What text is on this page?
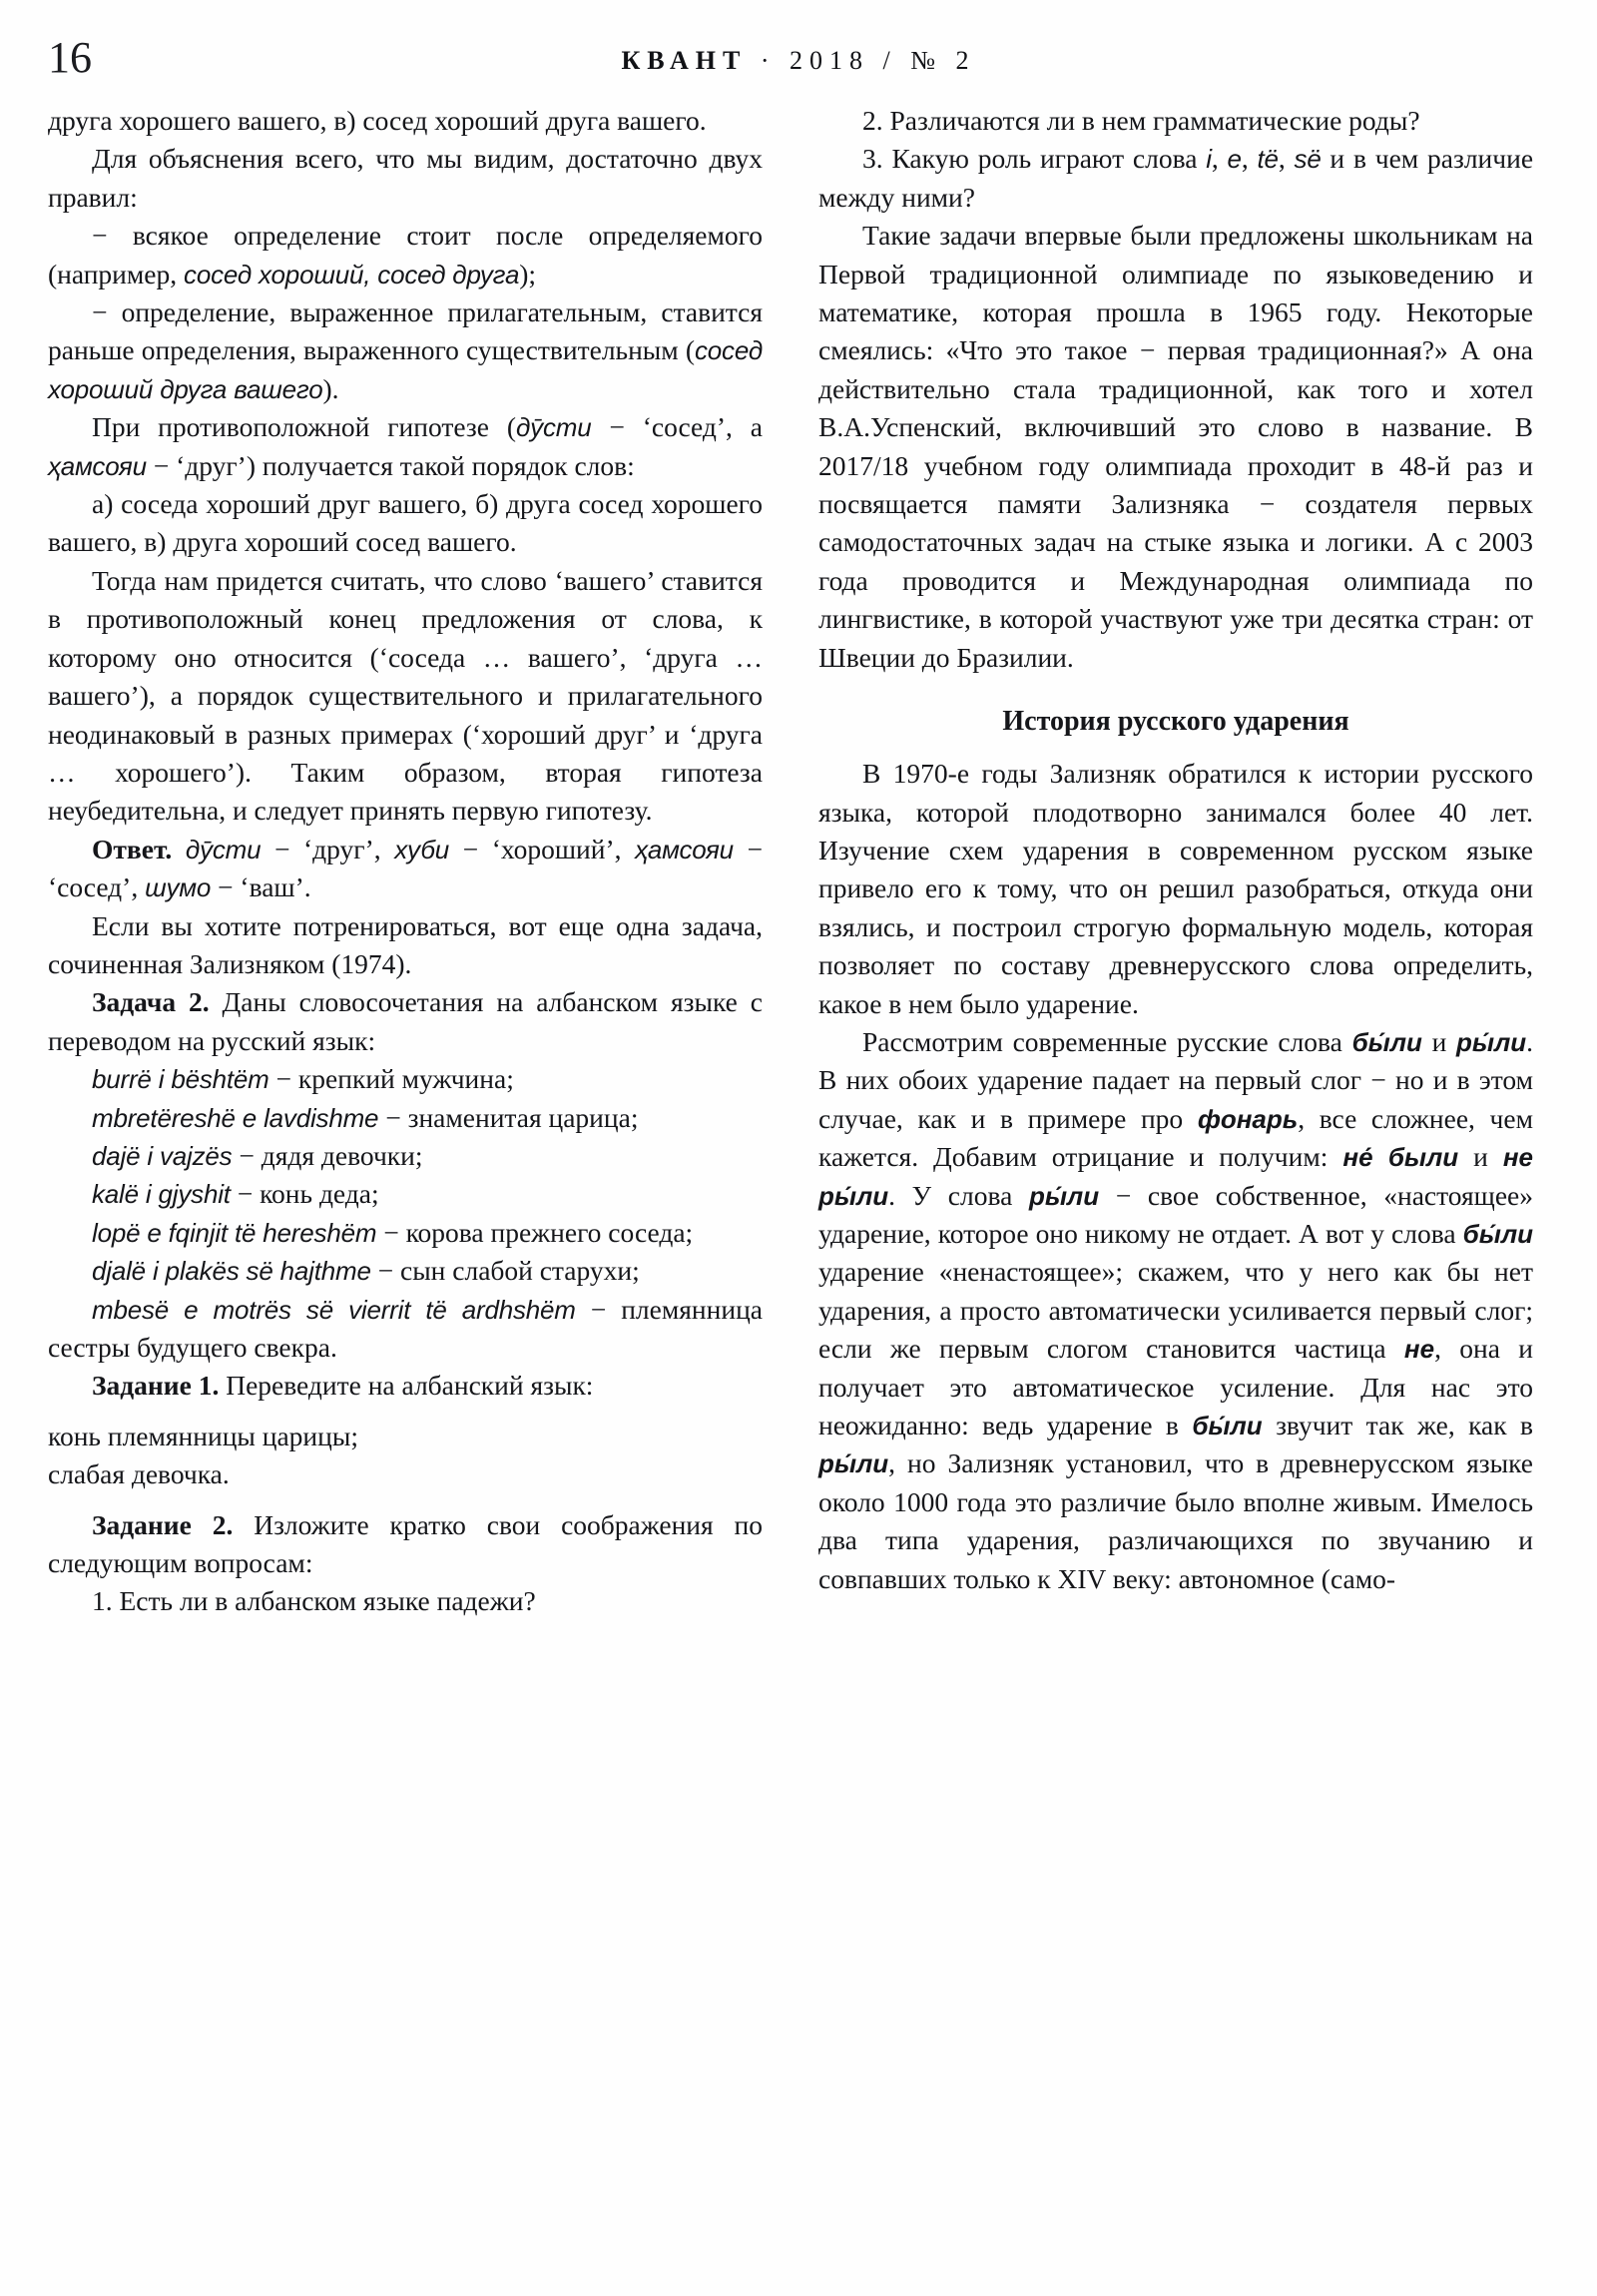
16	КВАНТ · 2018 / № 2

друга хорошего вашего, в) сосед хороший друга вашего.

Для объяснения всего, что мы видим, достаточно двух правил:

− всякое определение стоит после определяемого (например, сосед хороший, сосед друга);

− определение, выраженное прилагательным, ставится раньше определения, выраженного существительным (сосед хороший друга вашего).

При противоположной гипотезе (дӯсти − ‘сосед’, а ҳамсояи − ‘друг’) получается такой порядок слов:

а) соседа хороший друг вашего, б) друга сосед хорошего вашего, в) друга хороший сосед вашего.

Тогда нам придется считать, что слово ‘вашего’ ставится в противоположный конец предложения от слова, к которому оно относится (‘соседа … вашего’, ‘друга … вашего’), а порядок существительного и прилагательного неодинаковый в разных примерах (‘хороший друг’ и ‘друга … хорошего’). Таким образом, вторая гипотеза неубедительна, и следует принять первую гипотезу.

Ответ. дӯсти − ‘друг’, хуби − ‘хороший’, ҳамсояи − ‘сосед’, шумо − ‘ваш’.

Если вы хотите потренироваться, вот еще одна задача, сочиненная Зализняком (1974).

Задача 2. Даны словосочетания на албанском языке с переводом на русский язык:

burrë i bështëm − крепкий мужчина;

mbretëreshë e lavdishme − знаменитая царица;

dajë i vajzës − дядя девочки;

kalë i gjyshit − конь деда;

lopë e fqinjit të hereshëm − корова прежнего соседа;

djalë i plakës së hajthme − сын слабой старухи;

mbesë e motrës së vierrit të ardhshëm − племянница сестры будущего свекра.

Задание 1. Переведите на албанский язык:

конь племянницы царицы;

слабая девочка.

Задание 2. Изложите кратко свои соображения по следующим вопросам:

1. Есть ли в албанском языке падежи?

2. Различаются ли в нем грамматические роды?

3. Какую роль играют слова i, e, të, së и в чем различие между ними?

Такие задачи впервые были предложены школьникам на Первой традиционной олимпиаде по языковедению и математике, которая прошла в 1965 году. Некоторые смеялись: «Что это такое − первая традиционная?» А она действительно стала традиционной, как того и хотел В.А.Успенский, включивший это слово в название. В 2017/18 учебном году олимпиада проходит в 48-й раз и посвящается памяти Зализняка − создателя первых самодостаточных задач на стыке языка и логики. А с 2003 года проводится и Международная олимпиада по лингвистике, в которой участвуют уже три десятка стран: от Швеции до Бразилии.

История русского ударения

В 1970-е годы Зализняк обратился к истории русского языка, которой плодотворно занимался более 40 лет. Изучение схем ударения в современном русском языке привело его к тому, что он решил разобраться, откуда они взялись, и построил строгую формальную модель, которая позволяет по составу древнерусского слова определить, какое в нем было ударение.

Рассмотрим современные русские слова бы́ли и ры́ли. В них обоих ударение падает на первый слог − но и в этом случае, как и в примере про фонарь, все сложнее, чем кажется. Добавим отрицание и получим: не́ были и не ры́ли. У слова ры́ли − свое собственное, «настоящее» ударение, которое оно никому не отдает. А вот у слова бы́ли ударение «ненастоящее»; скажем, что у него как бы нет ударения, а просто автоматически усиливается первый слог; если же первым слогом становится частица не, она и получает это автоматическое усиление. Для нас это неожиданно: ведь ударение в бы́ли звучит так же, как в ры́ли, но Зализняк установил, что в древнерусском языке около 1000 года это различие было вполне живым. Имелось два типа ударения, различающихся по звучанию и совпавших только к XIV веку: автономное (само-
